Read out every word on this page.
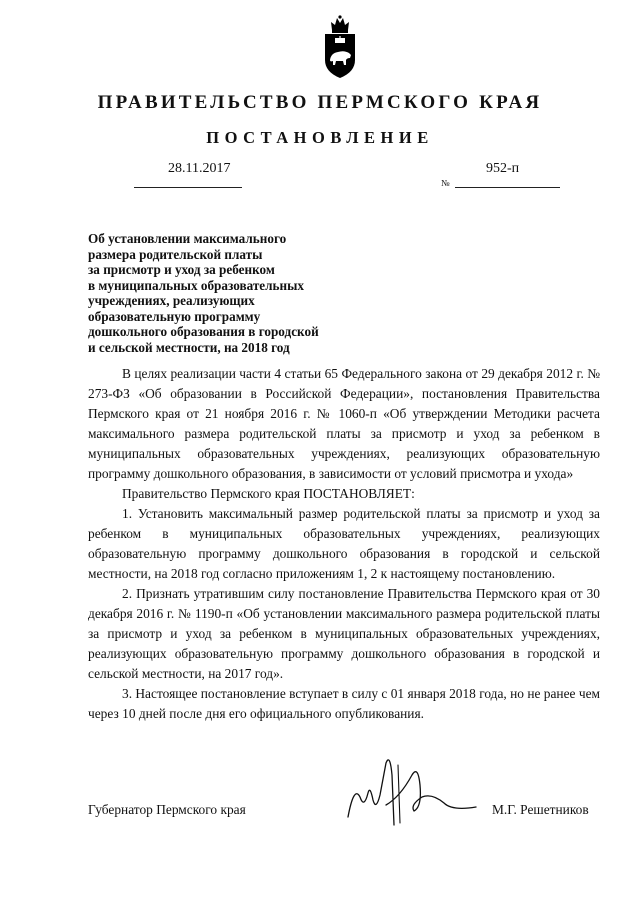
ПРАВИТЕЛЬСТВО ПЕРМСКОГО КРАЯ
ПОСТАНОВЛЕНИЕ
28.11.2017
№
952-п
Об установлении максимального
размера родительской платы
за присмотр и уход за ребенком
в муниципальных образовательных
учреждениях, реализующих
образовательную программу
дошкольного образования в городской
и сельской местности, на 2018 год

В целях реализации части 4 статьи 65 Федерального закона от 29 декабря 2012 г. № 273-ФЗ «Об образовании в Российской Федерации», постановления Правительства Пермского края от 21 ноября 2016 г. № 1060-п «Об утверждении Методики расчета максимального размера родительской платы за присмотр и уход за ребенком в муниципальных образовательных учреждениях, реализующих образовательную программу дошкольного образования, в зависимости от условий присмотра и ухода»

Правительство Пермского края ПОСТАНОВЛЯЕТ:

1. Установить максимальный размер родительской платы за присмотр и уход за ребенком в муниципальных образовательных учреждениях, реализующих образовательную программу дошкольного образования в городской и сельской местности, на 2018 год согласно приложениям 1, 2 к настоящему постановлению.

2. Признать утратившим силу постановление Правительства Пермского края от 30 декабря 2016 г. № 1190-п «Об установлении максимального размера родительской платы за присмотр и уход за ребенком в муниципальных образовательных учреждениях, реализующих образовательную программу дошкольного образования в городской и сельской местности, на 2017 год».

3. Настоящее постановление вступает в силу с 01 января 2018 года, но не ранее чем через 10 дней после дня его официального опубликования.

Губернатор Пермского края	М.Г. Решетников
